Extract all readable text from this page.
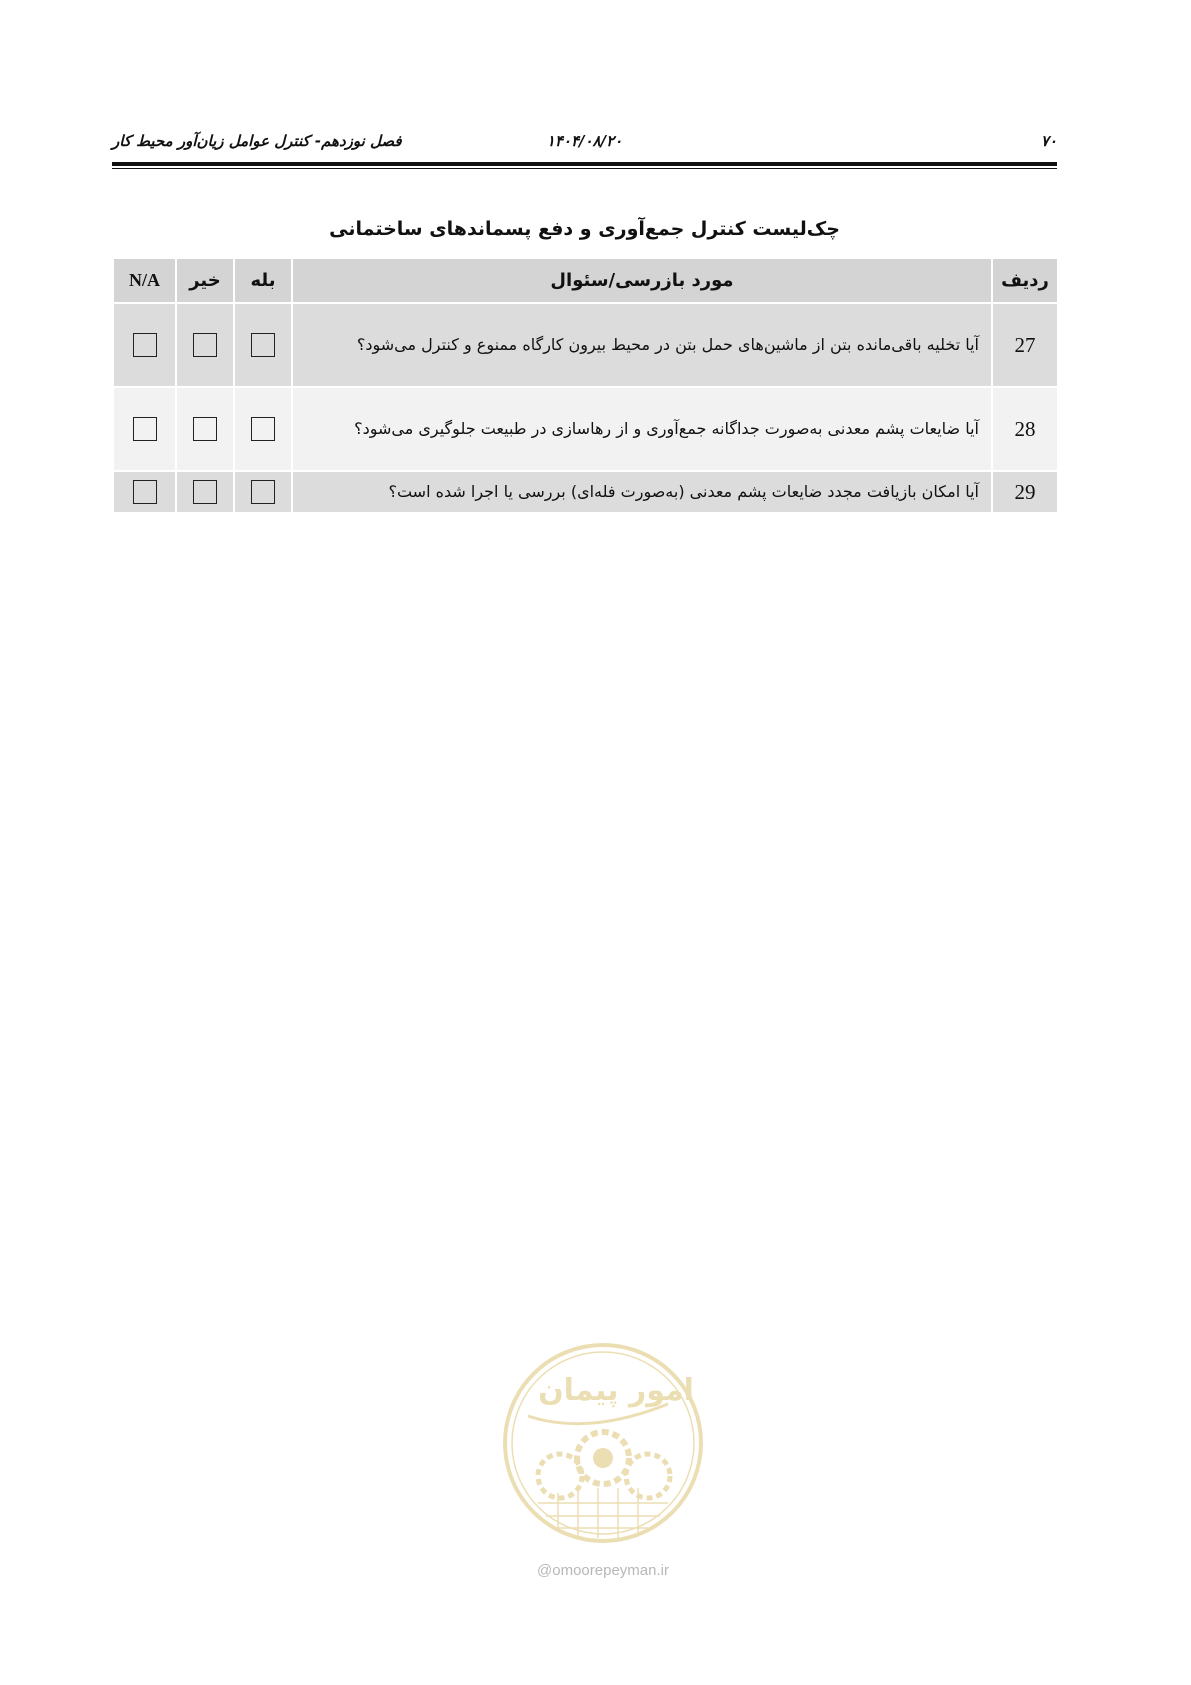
۷۰
۱۴۰۴/۰۸/۲۰
فصل نوزدهم- کنترل عوامل زیان‌آور محیط کار
چک‌لیست کنترل جمع‌آوری و دفع پسماندهای ساختمانی
ردیف	مورد بازرسی/سئوال	بله	خیر	N/A
27	آیا تخلیه باقی‌مانده بتن از ماشین‌های حمل بتن در محیط بیرون کارگاه ممنوع و کنترل می‌شود؟			
28	آیا ضایعات پشم معدنی به‌صورت جداگانه جمع‌آوری و از رهاسازی در طبیعت جلوگیری می‌شود؟			
29	آیا امکان بازیافت مجدد ضایعات پشم معدنی (به‌صورت فله‌ای) بررسی یا اجرا شده است؟			
امور پیمان
@omoorepeyman.ir
